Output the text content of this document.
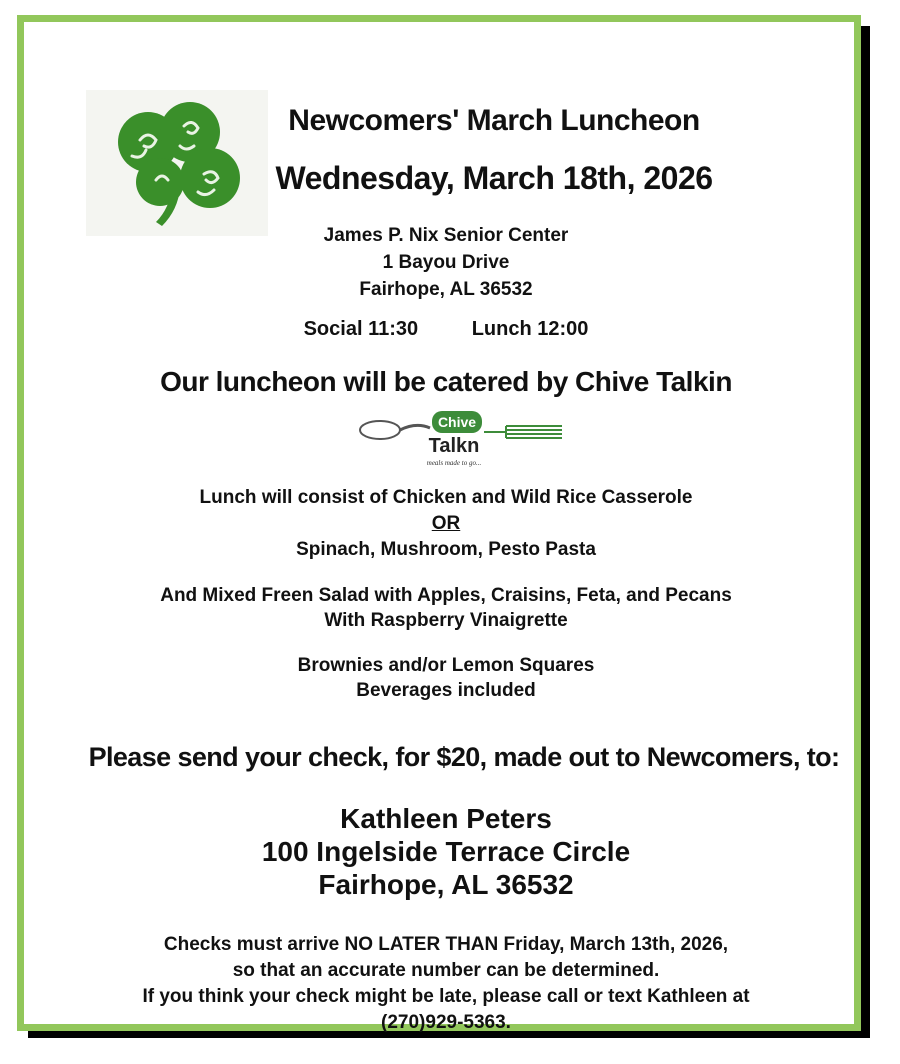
Newcomers' March Luncheon
Wednesday, March 18th, 2026
James P. Nix Senior Center
1 Bayou Drive
Fairhope, AL 36532
Social 11:30	Lunch 12:00
Our luncheon will be catered by Chive Talkin
Chive
Talkn
meals made to go...
Lunch will consist of Chicken and Wild Rice Casserole
OR
Spinach, Mushroom, Pesto Pasta
And Mixed Freen Salad with Apples, Craisins, Feta, and Pecans
With Raspberry Vinaigrette
Brownies and/or Lemon Squares
Beverages included
Please send your check, for $20, made out to Newcomers, to:
Kathleen Peters
100 Ingelside Terrace Circle
Fairhope, AL 36532
Checks must arrive NO LATER THAN Friday, March 13th, 2026,
so that an accurate number can be determined.
If you think your check might be late, please call or text Kathleen at
(270)929-5363.
